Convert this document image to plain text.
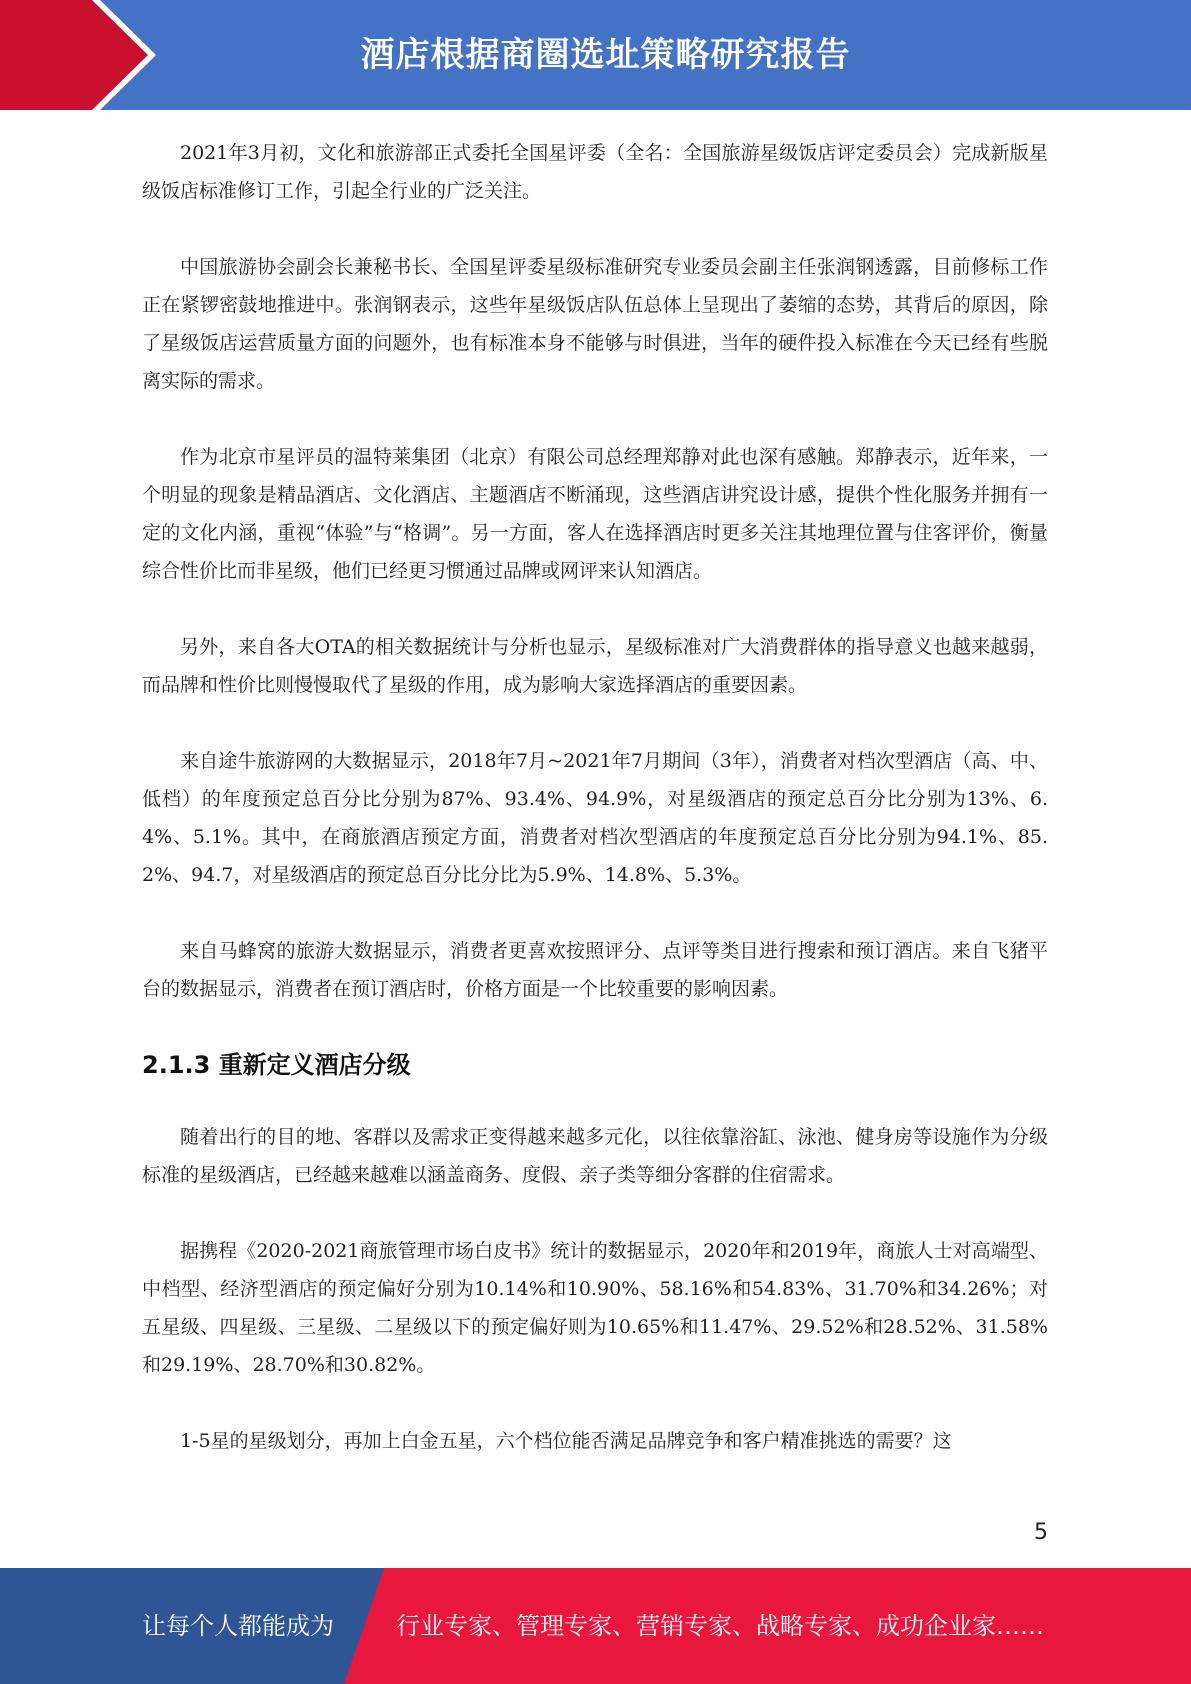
酒店根据商圈选址策略研究报告

2021年3月初，文化和旅游部正式委托全国星评委（全名：全国旅游星级饭店评定委员会）完成新版星级饭店标准修订工作，引起全行业的广泛关注。

中国旅游协会副会长兼秘书长、全国星评委星级标准研究专业委员会副主任张润钢透露，目前修标工作正在紧锣密鼓地推进中。张润钢表示，这些年星级饭店队伍总体上呈现出了萎缩的态势，其背后的原因，除了星级饭店运营质量方面的问题外，也有标准本身不能够与时俱进，当年的硬件投入标准在今天已经有些脱离实际的需求。

作为北京市星评员的温特莱集团（北京）有限公司总经理郑静对此也深有感触。郑静表示，近年来，一个明显的现象是精品酒店、文化酒店、主题酒店不断涌现，这些酒店讲究设计感，提供个性化服务并拥有一定的文化内涵，重视“体验”与“格调”。另一方面，客人在选择酒店时更多关注其地理位置与住客评价，衡量综合性价比而非星级，他们已经更习惯通过品牌或网评来认知酒店。

另外，来自各大OTA的相关数据统计与分析也显示，星级标准对广大消费群体的指导意义也越来越弱，而品牌和性价比则慢慢取代了星级的作用，成为影响大家选择酒店的重要因素。

来自途牛旅游网的大数据显示，2018年7月~2021年7月期间（3年），消费者对档次型酒店（高、中、低档）的年度预定总百分比分别为87%、93.4%、94.9%，对星级酒店的预定总百分比分别为13%、6.4%、5.1%。其中，在商旅酒店预定方面，消费者对档次型酒店的年度预定总百分比分别为94.1%、85.2%、94.7，对星级酒店的预定总百分比分比为5.9%、14.8%、5.3%。

来自马蜂窝的旅游大数据显示，消费者更喜欢按照评分、点评等类目进行搜索和预订酒店。来自飞猪平台的数据显示，消费者在预订酒店时，价格方面是一个比较重要的影响因素。

2.1.3 重新定义酒店分级

随着出行的目的地、客群以及需求正变得越来越多元化，以往依靠浴缸、泳池、健身房等设施作为分级标准的星级酒店，已经越来越难以涵盖商务、度假、亲子类等细分客群的住宿需求。

据携程《2020-2021商旅管理市场白皮书》统计的数据显示，2020年和2019年，商旅人士对高端型、中档型、经济型酒店的预定偏好分别为10.14%和10.90%、58.16%和54.83%、31.70%和34.26%；对五星级、四星级、三星级、二星级以下的预定偏好则为10.65%和11.47%、29.52%和28.52%、31.58%和29.19%、28.70%和30.82%。

1-5星的星级划分，再加上白金五星，六个档位能否满足品牌竞争和客户精准挑选的需要？这

5
让每个人都能成为	行业专家、管理专家、营销专家、战略专家、成功企业家……
